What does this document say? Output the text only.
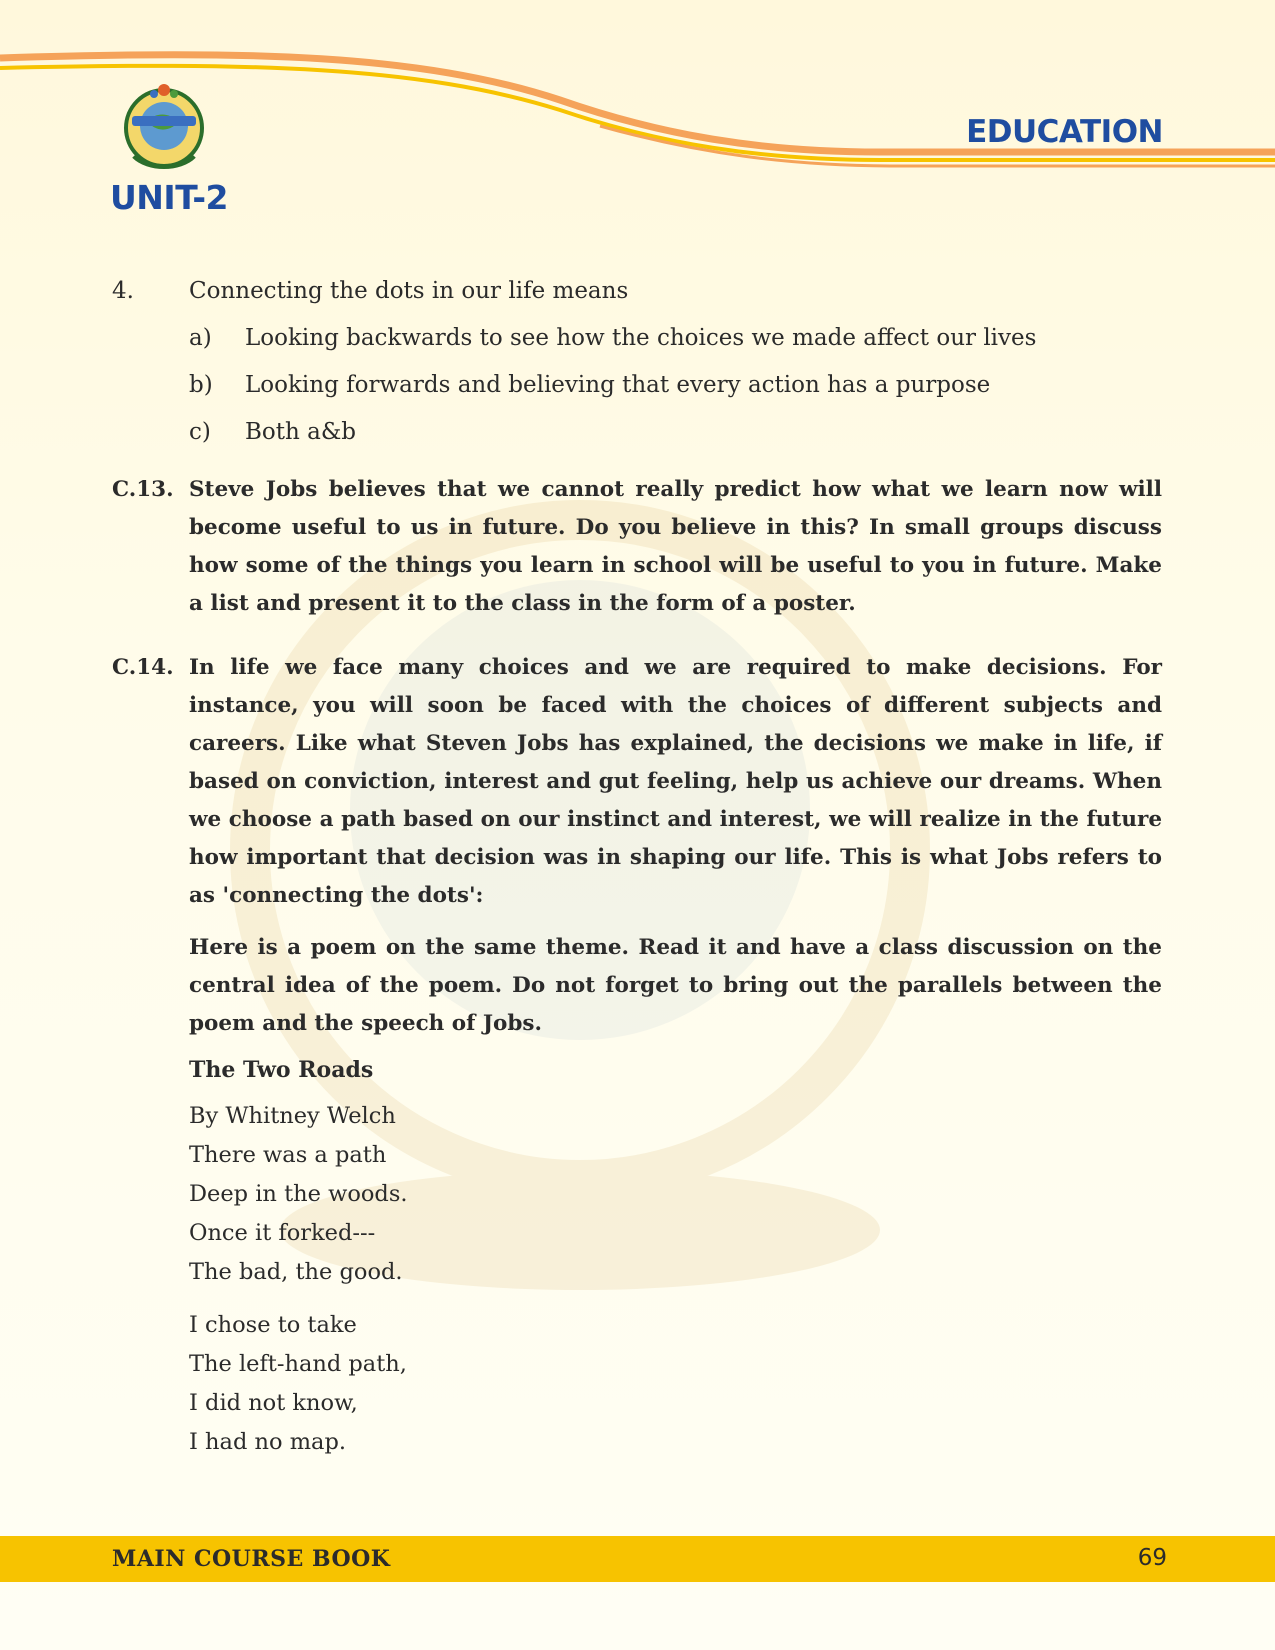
UNIT-2
EDUCATION
4.	Connecting the dots in our life means
a)	Looking backwards to see how the choices we made affect our lives
b)	Looking forwards and believing that every action has a purpose
c)	Both a&b
C.13. Steve Jobs believes that we cannot really predict how what we learn now will become useful to us in future. Do you believe in this? In small groups discuss how some of the things you learn in school will be useful to you in future. Make a list and present it to the class in the form of a poster.

C.14. In life we face many choices and we are required to make decisions. For instance, you will soon be faced with the choices of different subjects and careers. Like what Steven Jobs has explained, the decisions we make in life, if based on conviction, interest and gut feeling, help us achieve our dreams. When we choose a path based on our instinct and interest, we will realize in the future how important that decision was in shaping our life. This is what Jobs refers to as 'connecting the dots':

Here is a poem on the same theme. Read it and have a class discussion on the central idea of the poem. Do not forget to bring out the parallels between the poem and the speech of Jobs.

The Two Roads
By Whitney Welch
There was a path
Deep in the woods.
Once it forked---
The bad, the good.
I chose to take
The left-hand path,
I did not know,
I had no map.
MAIN COURSE BOOK	69
